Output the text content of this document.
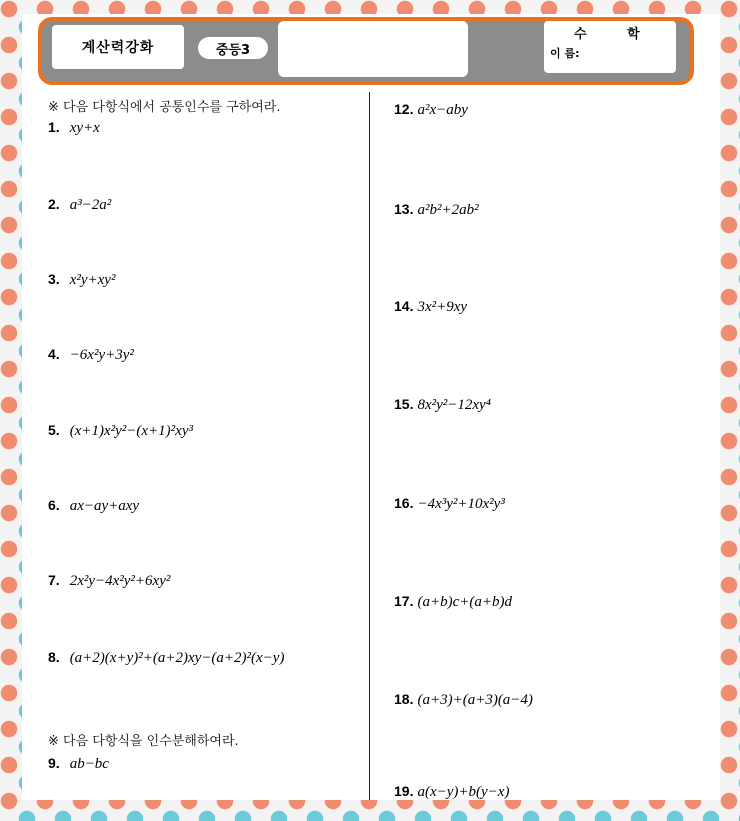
계산력강화	중등3
수 학
이 름:
※ 다음 다항식에서 공통인수를 구하여라.
1. xy+x
2. a³−2a²
3. x²y+xy²
4. −6x²y+3y²
5. (x+1)x²y²−(x+1)²xy³
6. ax−ay+axy
7. 2x²y−4x²y²+6xy²
8. (a+2)(x+y)²+(a+2)xy−(a+2)²(x−y)
※ 다음 다항식을 인수분해하여라.
9. ab−bc
12. a²x−aby
13. a²b²+2ab²
14. 3x²+9xy
15. 8x²y²−12xy⁴
16. −4x³y²+10x²y³
17. (a+b)c+(a+b)d
18. (a+3)+(a+3)(a−4)
19. a(x−y)+b(y−x)
